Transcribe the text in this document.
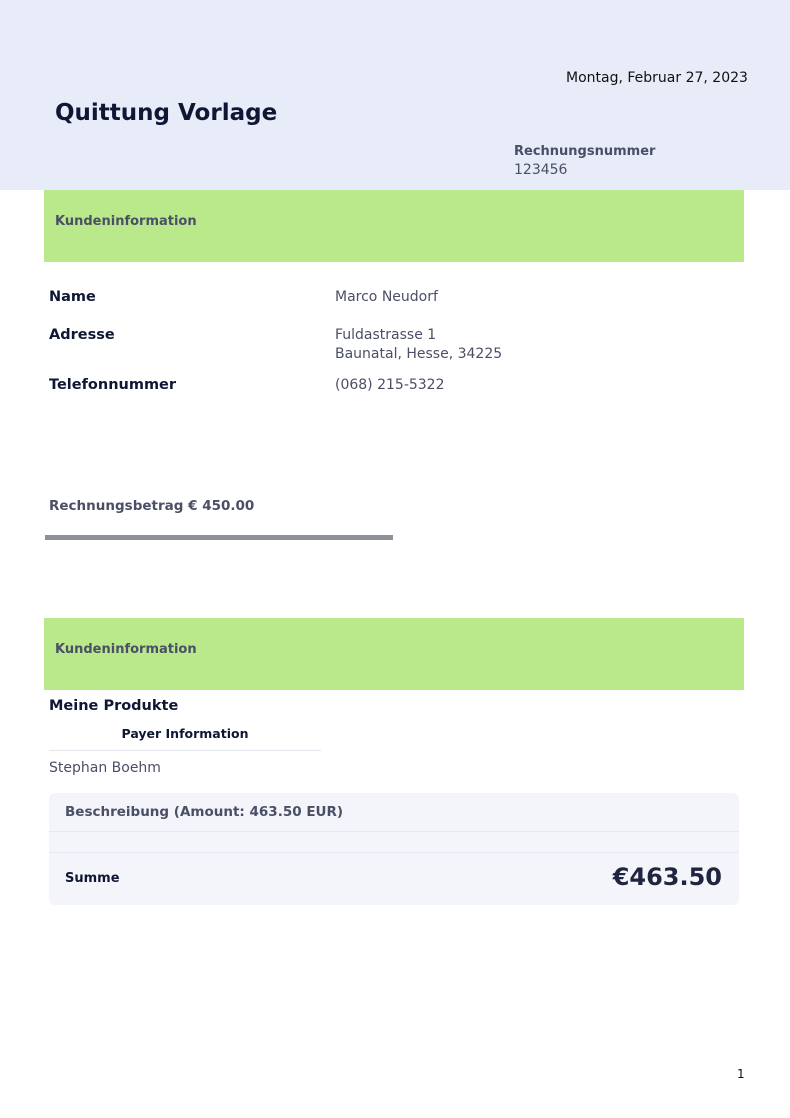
Montag, Februar 27, 2023
Quittung Vorlage
Rechnungsnummer
123456
Kundeninformation
Name	Marco Neudorf
Adresse	Fuldastrasse 1
Baunatal, Hesse, 34225
Telefonnummer	(068) 215-5322
Rechnungsbetrag € 450.00
Kundeninformation
Meine Produkte
Payer Information
Stephan Boehm
Beschreibung (Amount: 463.50 EUR)
Summe	€463.50
1
